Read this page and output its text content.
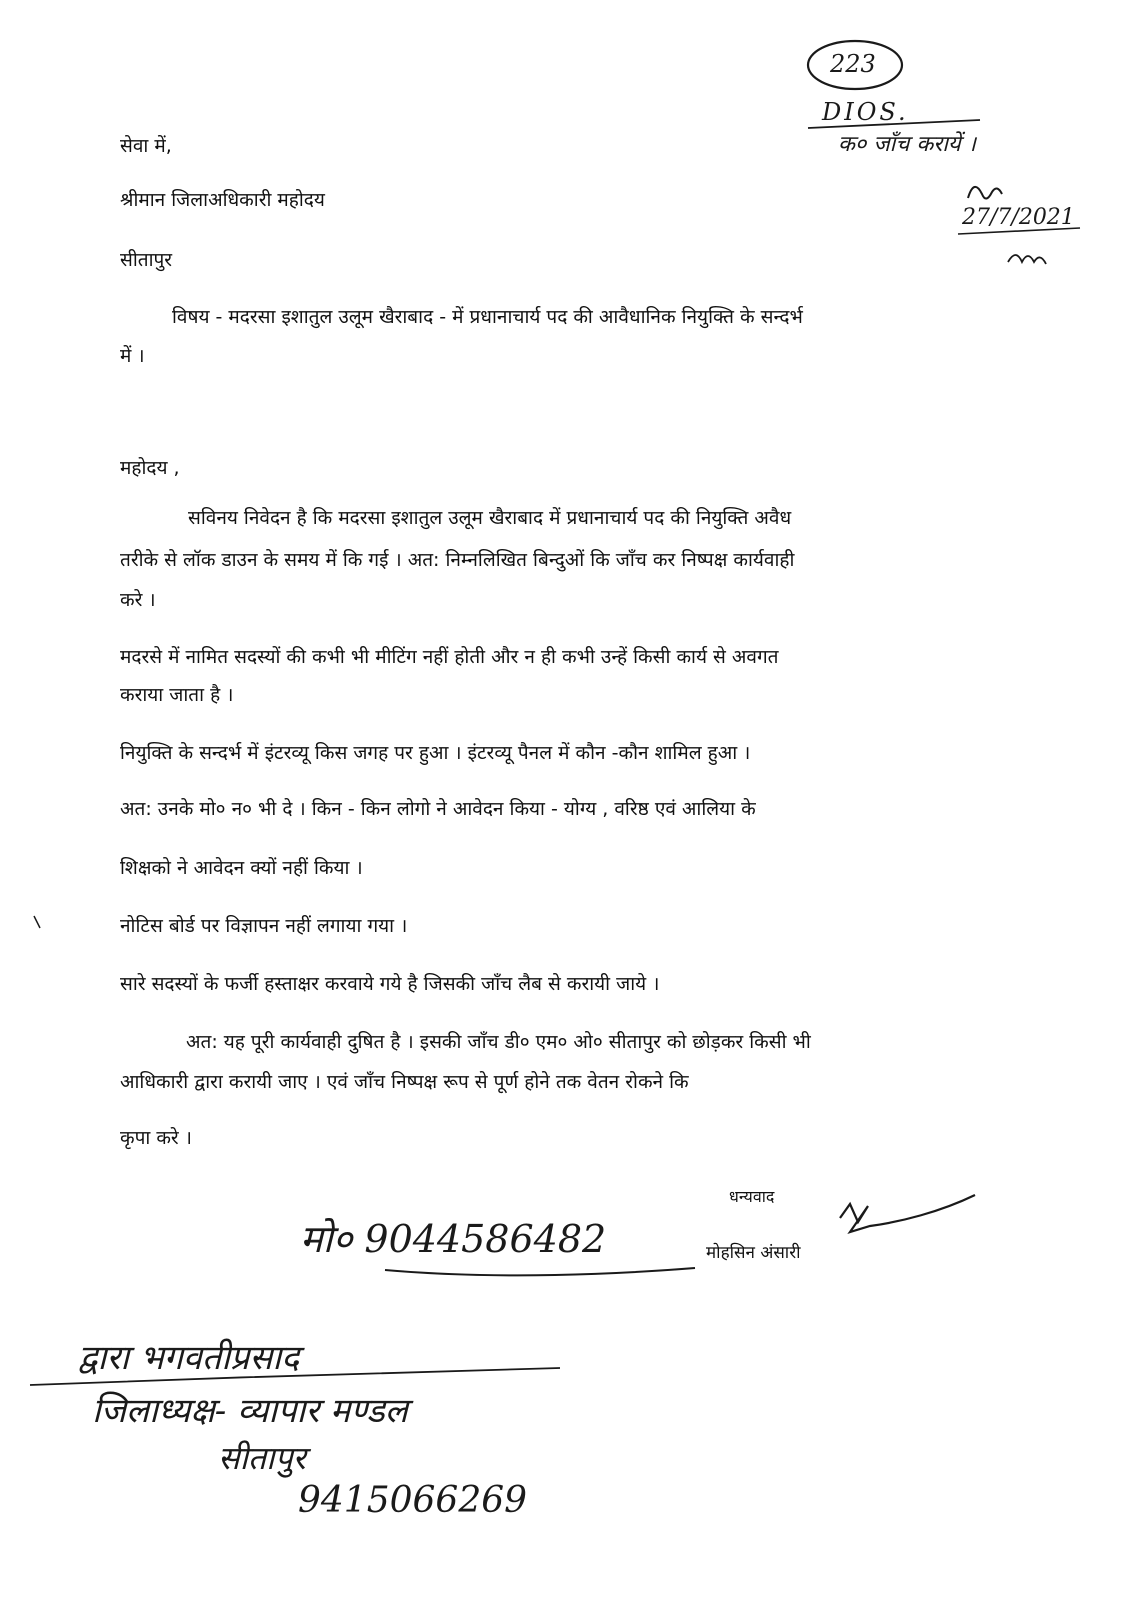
223
DIOS.
क० जाँच करायें ।
27/7/2021
सेवा में,
श्रीमान जिलाअधिकारी महोदय
सीतापुर
विषय - मदरसा इशातुल उलूम खैराबाद - में प्रधानाचार्य पद की आवैधानिक नियुक्ति के सन्दर्भ
में ।
महोदय ,
सविनय निवेदन है कि मदरसा इशातुल उलूम खैराबाद में प्रधानाचार्य पद की नियुक्ति अवैध
तरीके से लॉक डाउन के समय में कि गई । अत: निम्नलिखित बिन्दुओं कि जाँच कर निष्पक्ष कार्यवाही
करे ।
मदरसे में नामित सदस्यों की कभी भी मीटिंग नहीं होती और न ही कभी उन्हें किसी कार्य से अवगत
कराया जाता है ।
नियुक्ति के सन्दर्भ में इंटरव्यू किस जगह पर हुआ । इंटरव्यू पैनल में कौन -कौन शामिल हुआ ।
अत: उनके मो० न० भी दे । किन - किन लोगो ने आवेदन किया - योग्य , वरिष्ठ एवं आलिया के
शिक्षको ने आवेदन क्यों नहीं किया ।
नोटिस बोर्ड पर विज्ञापन नहीं लगाया गया ।
सारे सदस्यों के फर्जी हस्ताक्षर करवाये गये है जिसकी जाँच लैब से करायी जाये ।
अत: यह पूरी कार्यवाही दुषित है । इसकी जाँच डी० एम० ओ० सीतापुर को छोड़कर किसी भी
आधिकारी द्वारा करायी जाए । एवं जाँच निष्पक्ष रूप से पूर्ण होने तक वेतन रोकने कि
कृपा करे ।
धन्यवाद
मोहसिन अंसारी
मो० 9044586482
द्वारा भगवतीप्रसाद
जिलाध्यक्ष- व्यापार मण्डल
सीतापुर
9415066269
